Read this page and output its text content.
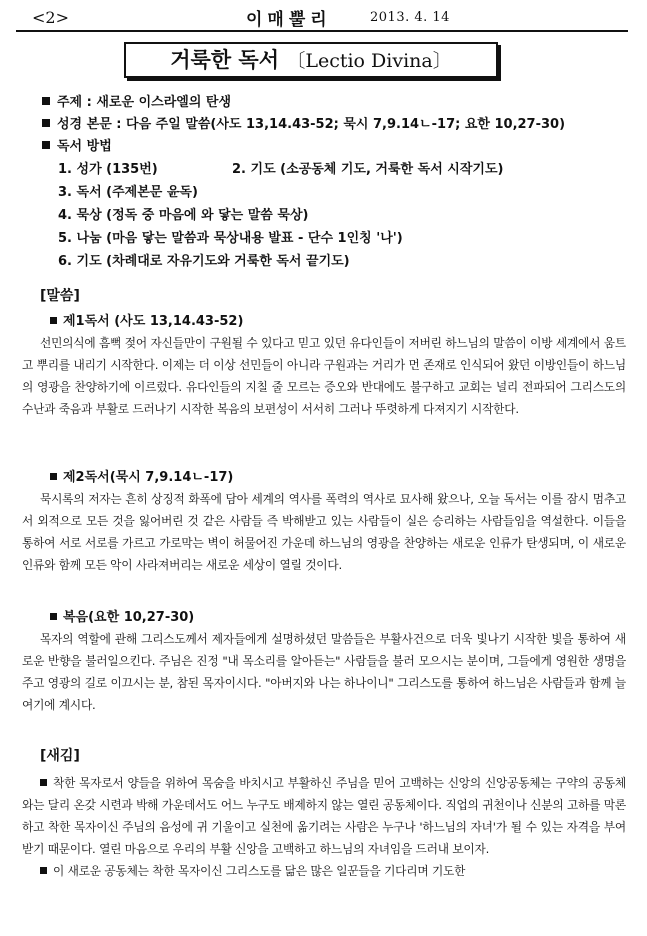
<2>	이매뿔리	2013. 4. 14
거룩한 독서 〔Lectio Divina〕
주제 : 새로운 이스라엘의 탄생
성경 본문 : 다음 주일 말씀(사도 13,14.43-52; 묵시 7,9.14ㄴ-17; 요한 10,27-30)
독서 방법
1. 성가 (135번)	2. 기도 (소공동체 기도, 거룩한 독서 시작기도)
3. 독서 (주제본문 윤독)
4. 묵상 (정독 중 마음에 와 닿는 말씀 묵상)
5. 나눔 (마음 닿는 말씀과 묵상내용 발표 - 단수 1인칭 '나')
6. 기도 (차례대로 자유기도와 거룩한 독서 끝기도)
[말씀]
제1독서 (사도 13,14.43-52)

선민의식에 흠뻑 젖어 자신들만이 구원될 수 있다고 믿고 있던 유다인들이 저버린 하느님의 말씀이 이방 세계에서 움트고 뿌리를 내리기 시작한다. 이제는 더 이상 선민들이 아니라 구원과는 거리가 먼 존재로 인식되어 왔던 이방인들이 하느님의 영광을 찬양하기에 이르렀다. 유다인들의 지칠 줄 모르는 증오와 반대에도 불구하고 교회는 널리 전파되어 그리스도의 수난과 죽음과 부활로 드러나기 시작한 복음의 보편성이 서서히 그러나 뚜렷하게 다져지기 시작한다.

제2독서(묵시 7,9.14ㄴ-17)

묵시록의 저자는 흔히 상징적 화폭에 담아 세계의 역사를 폭력의 역사로 묘사해 왔으나, 오늘 독서는 이를 잠시 멈추고서 외적으로 모든 것을 잃어버린 것 같은 사람들 즉 박해받고 있는 사람들이 실은 승리하는 사람들임을 역설한다. 이들을 통하여 서로 서로를 가르고 가로막는 벽이 허물어진 가운데 하느님의 영광을 찬양하는 새로운 인류가 탄생되며, 이 새로운 인류와 함께 모든 악이 사라져버리는 새로운 세상이 열릴 것이다.

복음(요한 10,27-30)

목자의 역할에 관해 그리스도께서 제자들에게 설명하셨던 말씀들은 부활사건으로 더욱 빛나기 시작한 빛을 통하여 새로운 반향을 불러일으킨다. 주님은 진정 "내 목소리를 알아듣는" 사람들을 불러 모으시는 분이며, 그들에게 영원한 생명을 주고 영광의 길로 이끄시는 분, 참된 목자이시다. "아버지와 나는 하나이니" 그리스도를 통하여 하느님은 사람들과 함께 늘 여기에 계시다.

[새김]

착한 목자로서 양들을 위하여 목숨을 바치시고 부활하신 주님을 믿어 고백하는 신앙의 신앙공동체는 구약의 공동체와는 달리 온갖 시련과 박해 가운데서도 어느 누구도 배제하지 않는 열린 공동체이다. 직업의 귀천이나 신분의 고하를 막론하고 착한 목자이신 주님의 음성에 귀 기울이고 실천에 옮기려는 사람은 누구나 '하느님의 자녀'가 될 수 있는 자격을 부여받기 때문이다. 열린 마음으로 우리의 부활 신앙을 고백하고 하느님의 자녀임을 드러내 보이자.

이 새로운 공동체는 착한 목자이신 그리스도를 닮은 많은 일꾼들을 기다리며 기도한
